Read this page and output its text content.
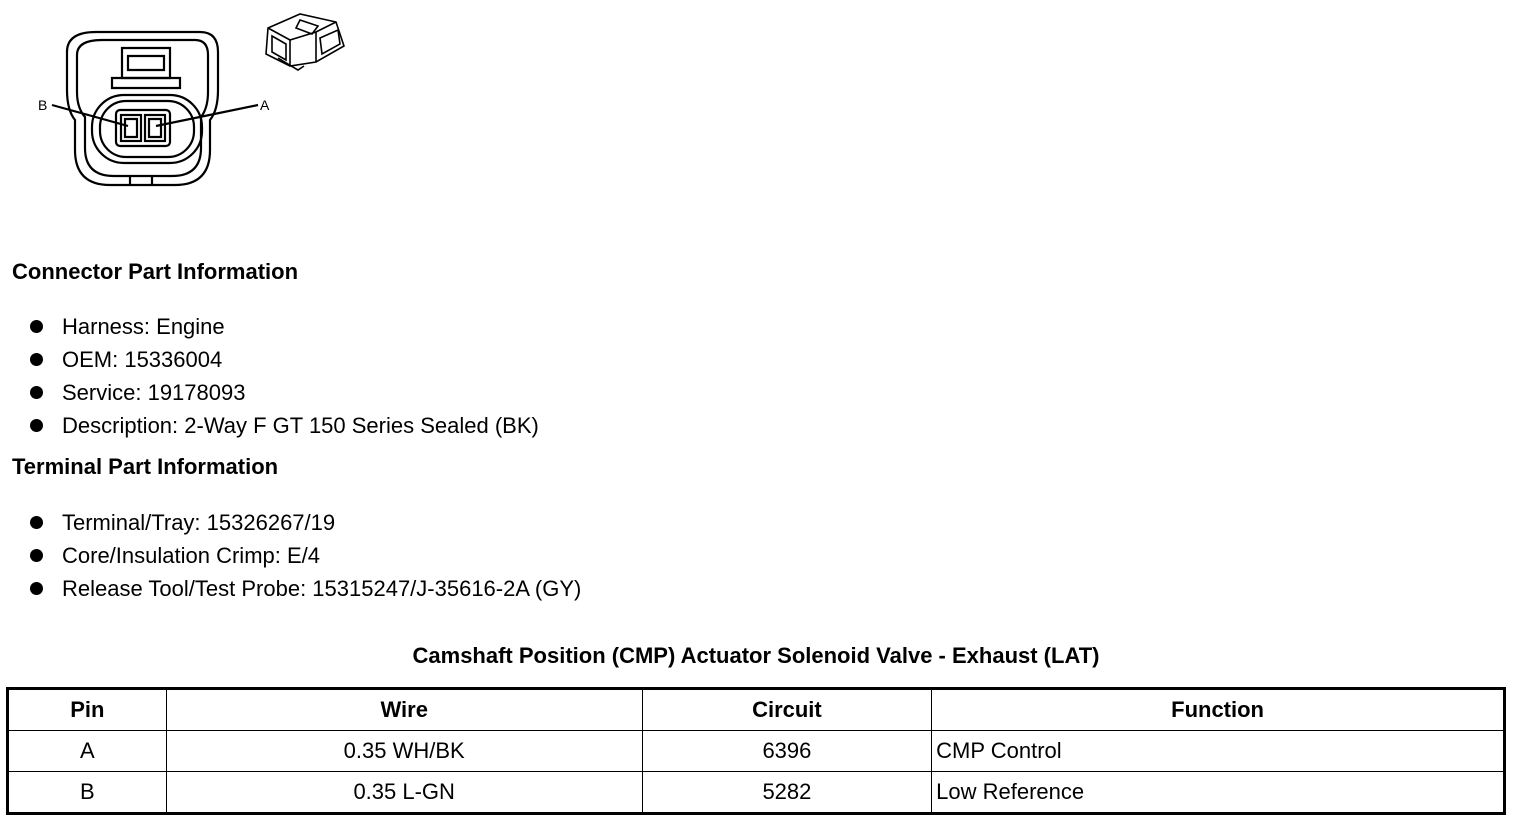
B	A
Connector Part Information
Harness: Engine
OEM: 15336004
Service: 19178093
Description: 2-Way F GT 150 Series Sealed (BK)
Terminal Part Information
Terminal/Tray: 15326267/19
Core/Insulation Crimp: E/4
Release Tool/Test Probe: 15315247/J-35616-2A (GY)
Camshaft Position (CMP) Actuator Solenoid Valve - Exhaust (LAT)
Pin	Wire	Circuit	Function
A	0.35 WH/BK	6396	CMP Control
B	0.35 L-GN	5282	Low Reference
